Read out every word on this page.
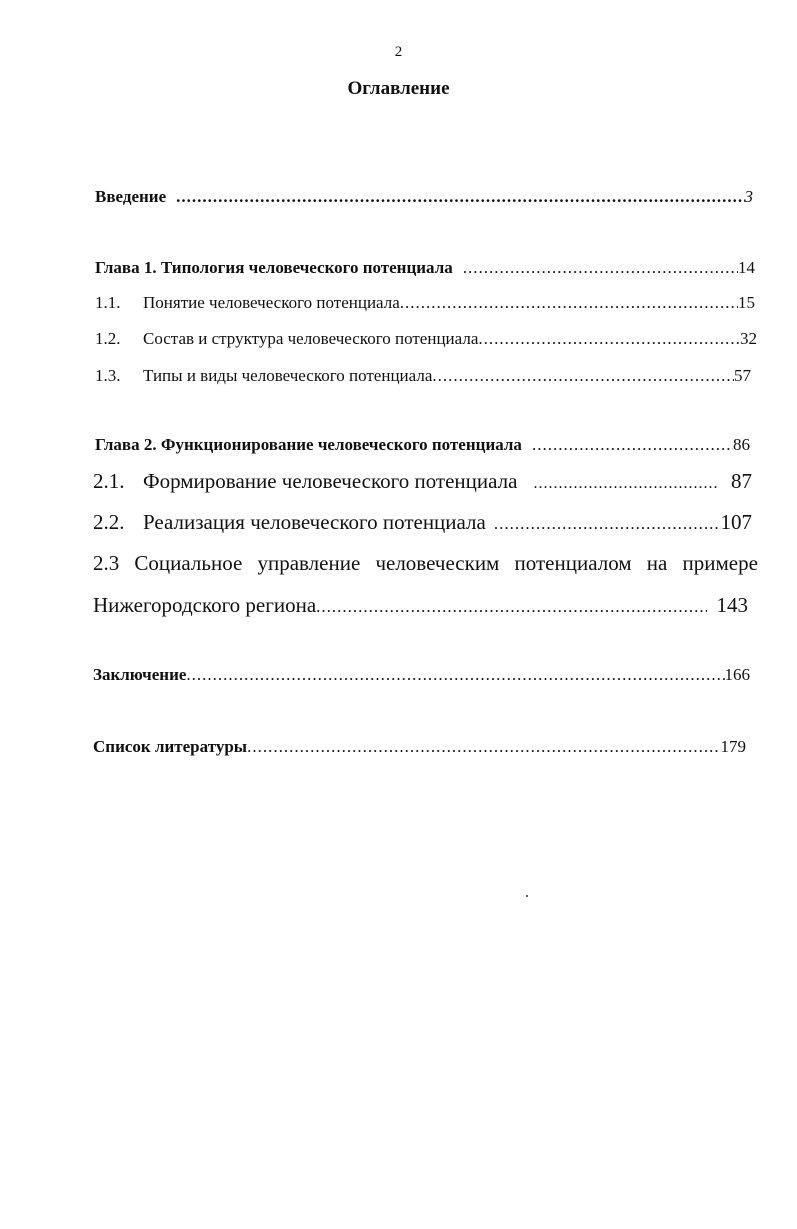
2
Оглавление
Введение .....	3
Глава 1. Типология человеческого потенциала .....	14
1.1.	Понятие человеческого потенциала .....	15
1.2.	Состав и структура человеческого потенциала .....	32
1.3.	Типы и виды человеческого потенциала .....	57
Глава 2. Функционирование человеческого потенциала .....	86
2.1. Формирование человеческого потенциала .....	87
2.2. Реализация человеческого потенциала .....	107
2.3 Социальное управление человеческим потенциалом на примере
Нижегородского региона .....	143
Заключение .....	166
Список литературы .....	179
